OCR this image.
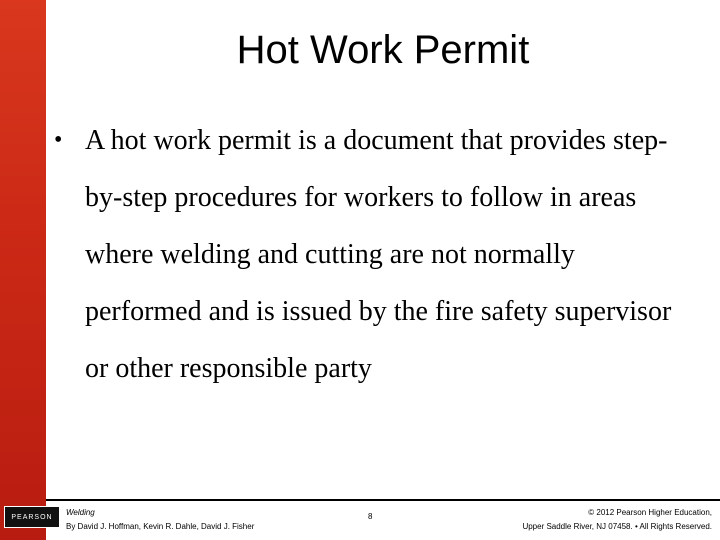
Hot Work Permit
• A hot work permit is a document that provides step-by-step procedures for workers to follow in areas where welding and cutting are not normally performed and is issued by the fire safety supervisor or other responsible party
PEARSON	Welding
By David J. Hoffman, Kevin R. Dahle, David J. Fisher
8	© 2012 Pearson Higher Education,
Upper Saddle River, NJ 07458. • All Rights Reserved.
